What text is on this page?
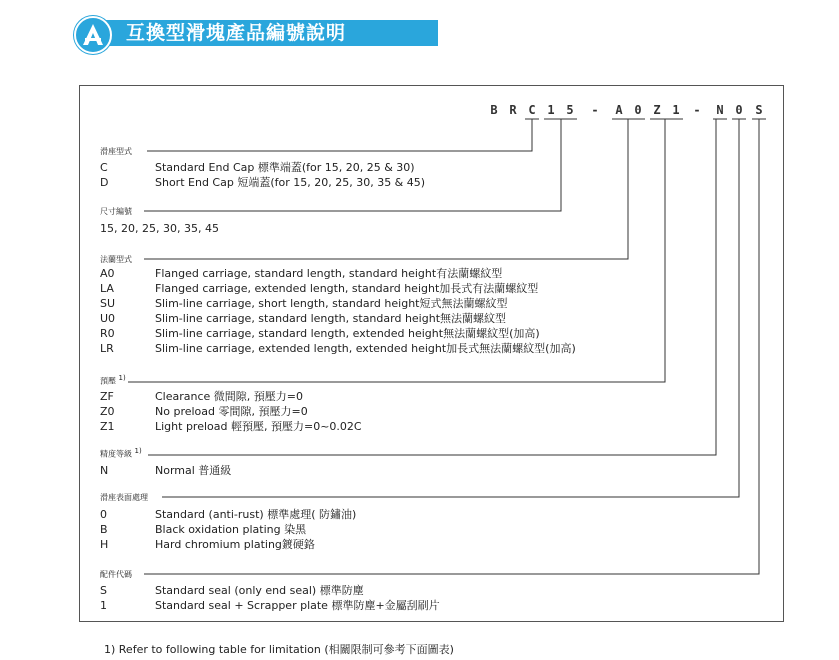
互換型滑塊產品編號說明
B R C 1 5	-	A 0 Z 1	-	N 0	S
滑座型式
C	Standard End Cap 標準端蓋(for 15, 20, 25 & 30)
D	Short End Cap 短端蓋(for 15, 20, 25, 30, 35 & 45)
尺寸編號
15, 20, 25, 30, 35, 45
法蘭型式
A0	Flanged carriage, standard length, standard height有法蘭螺紋型
LA	Flanged carriage, extended length, standard height加長式有法蘭螺紋型
SU	Slim-line carriage, short length, standard height短式無法蘭螺紋型
U0	Slim-line carriage, standard length, standard height無法蘭螺紋型
R0	Slim-line carriage, standard length, extended height無法蘭螺紋型(加高)
LR	Slim-line carriage, extended length, extended height加長式無法蘭螺紋型(加高)
預壓 $^{1)}$
ZF	Clearance 微間隙, 預壓力=0
Z0	No preload 零間隙, 預壓力=0
Z1	Light preload 輕預壓, 預壓力=0~0.02C
精度等級 $^{1)}$
N	Normal 普通級
滑座表面處理
0	Standard (anti-rust) 標準處理( 防鏽油)
B	Black oxidation plating 染黑
H	Hard chromium plating鍍硬鉻
配件代碼
S	Standard seal (only end seal) 標準防塵
1	Standard seal + Scrapper plate 標準防塵+金屬刮刷片
1) Refer to following table for limitation (相關限制可參考下面圖表)
